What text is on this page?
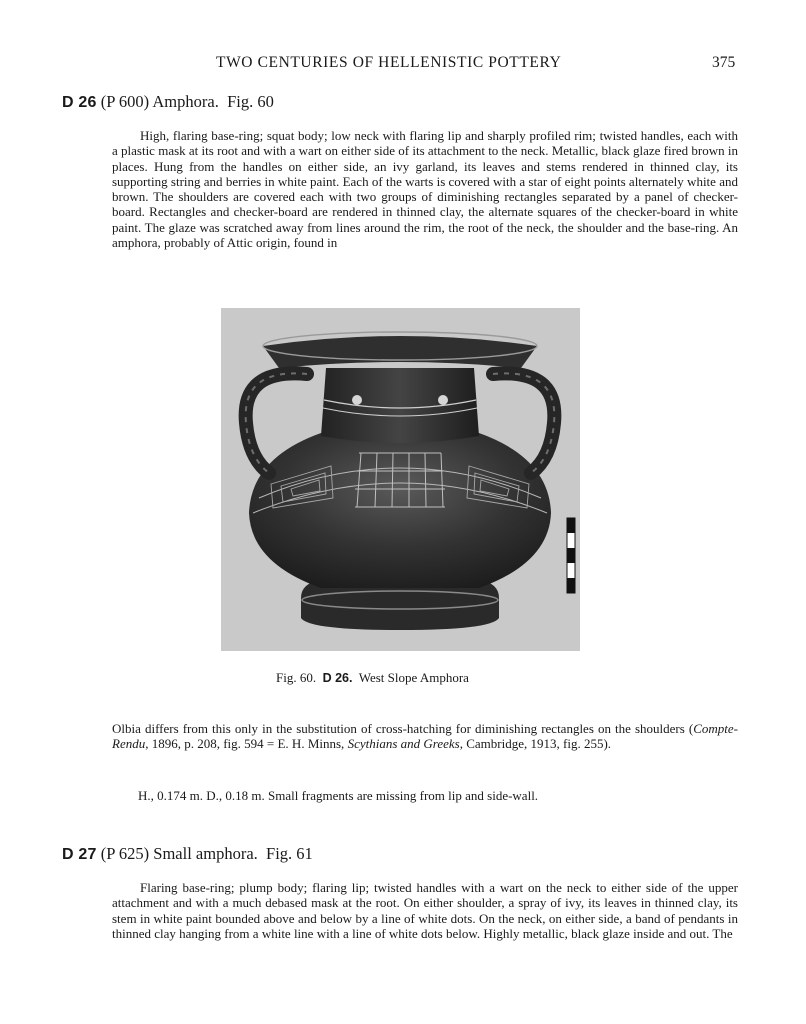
TWO CENTURIES OF HELLENISTIC POTTERY	375
D 26 (P 600) Amphora. Fig. 60

High, flaring base-ring; squat body; low neck with flaring lip and sharply profiled rim; twisted handles, each with a plastic mask at its root and with a wart on either side of its attachment to the neck. Metallic, black glaze fired brown in places. Hung from the handles on either side, an ivy garland, its leaves and stems rendered in thinned clay, its supporting string and berries in white paint. Each of the warts is covered with a star of eight points alternately white and brown. The shoulders are covered each with two groups of diminishing rectangles separated by a panel of checker-board. Rectangles and checker-board are rendered in thinned clay, the alternate squares of the checker-board in white paint. The glaze was scratched away from lines around the rim, the root of the neck, the shoulder and the base-ring. An amphora, probably of Attic origin, found in

Fig. 60. D 26. West Slope Amphora

Olbia differs from this only in the substitution of cross-hatching for diminishing rectangles on the shoulders (Compte-Rendu, 1896, p. 208, fig. 594 = E. H. Minns, Scythians and Greeks, Cambridge, 1913, fig. 255).

H., 0.174 m. D., 0.18 m. Small fragments are missing from lip and side-wall.
D 27 (P 625) Small amphora. Fig. 61

Flaring base-ring; plump body; flaring lip; twisted handles with a wart on the neck to either side of the upper attachment and with a much debased mask at the root. On either shoulder, a spray of ivy, its leaves in thinned clay, its stem in white paint bounded above and below by a line of white dots. On the neck, on either side, a band of pendants in thinned clay hanging from a white line with a line of white dots below. Highly metallic, black glaze inside and out. The
